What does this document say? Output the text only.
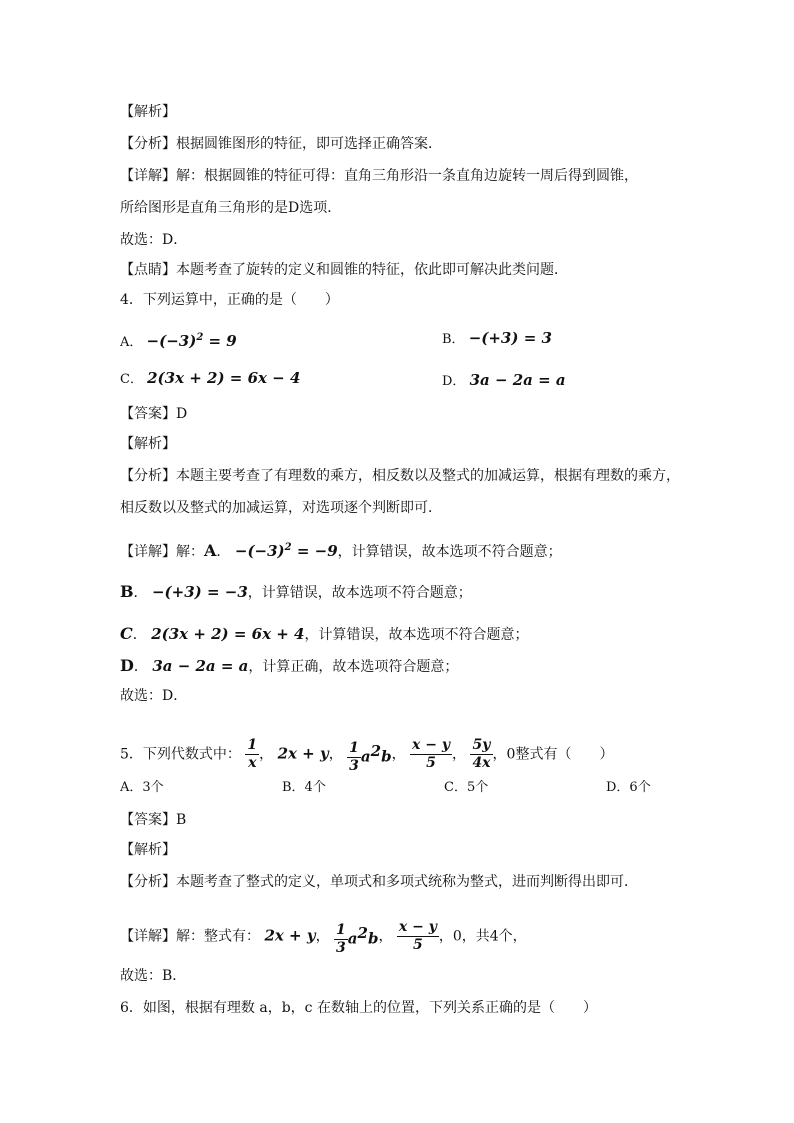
【解析】
【分析】根据圆锥图形的特征，即可选择正确答案．
【详解】解：根据圆锥的特征可得：直角三角形沿一条直角边旋转一周后得到圆锥，
所给图形是直角三角形的是D选项．
故选：D．
【点睛】本题考查了旋转的定义和圆锥的特征，依此即可解决此类问题．
4．下列运算中，正确的是（　　）
A． $-(-3)^2 = 9$	B． −(+3) = 3
C． 2(3x + 2) = 6x − 4	D． 3a − 2a = a
【答案】D
【解析】
【分析】本题主要考查了有理数的乘方，相反数以及整式的加减运算，根据有理数的乘方，
相反数以及整式的加减运算，对选项逐个判断即可．
【详解】解：A． $-(-3)^2 = -9$，计算错误，故本选项不符合题意；
B． −(+3) = −3，计算错误，故本选项不符合题意；
C． 2(3x + 2) = 6x + 4，计算错误，故本选项不符合题意；
D． 3a − 2a = a，计算正确，故本选项符合题意；
故选：D．
5．下列代数式中： $\frac{1}{x}$ ， 2x + y， $\frac{1}{3} a^2b$， $\frac{x - y}{5}$ ， $\frac{5y}{4x}$ ，0整式有（　　）
A．3个	B．4个	C．5个	D．6个
【答案】B
【解析】
【分析】本题考查了整式的定义，单项式和多项式统称为整式，进而判断得出即可．
【详解】解：整式有： 2x + y， $\frac{1}{3} a^2b$， $\frac{x - y}{5}$ ，0，共4个，
故选：B．
6．如图，根据有理数 a，b，c 在数轴上的位置，下列关系正确的是（　　）
